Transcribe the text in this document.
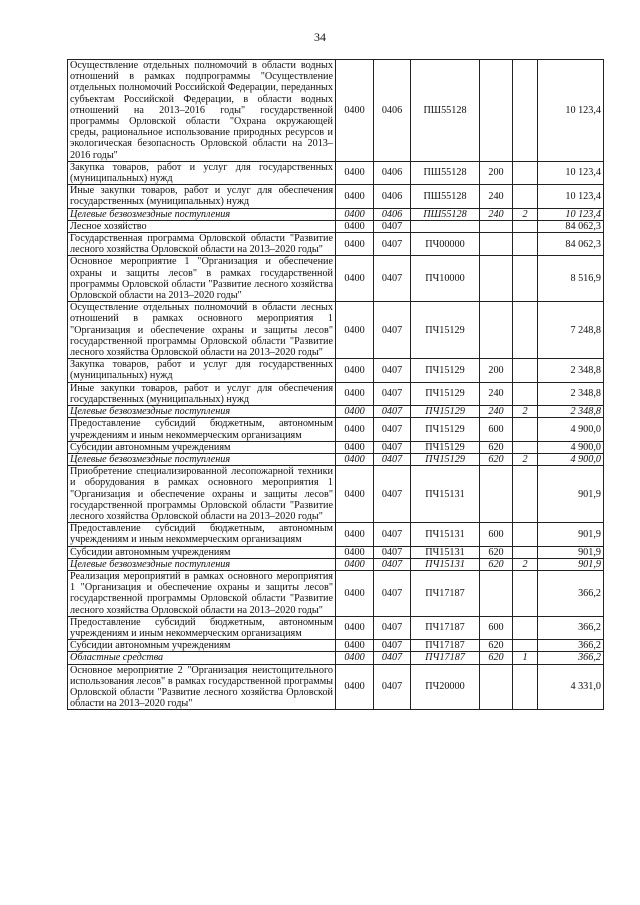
34
Осуществление отдельных полномочий в области водных отношений в рамках подпрограммы "Осуществление отдельных полномочий Российской Федерации, переданных субъектам Российской Федерации, в области водных отношений на 2013–2016 годы" государственной программы Орловской области "Охрана окружающей среды, рациональное использование природных ресурсов и экологическая безопасность Орловской области на 2013–2016 годы"	0400	0406	ПШ55128			10 123,4
Закупка товаров, работ и услуг для государственных (муниципальных) нужд	0400	0406	ПШ55128	200		10 123,4
Иные закупки товаров, работ и услуг для обеспечения государственных (муниципальных) нужд	0400	0406	ПШ55128	240		10 123,4
Целевые безвозмездные поступления	0400	0406	ПШ55128	240	2	10 123,4
Лесное хозяйство	0400	0407				84 062,3
Государственная программа Орловской области "Развитие лесного хозяйства Орловской области на 2013–2020 годы"	0400	0407	ПЧ00000			84 062,3
Основное мероприятие 1 "Организация и обеспечение охраны и защиты лесов" в рамках государственной программы Орловской области "Развитие лесного хозяйства Орловской области на 2013–2020 годы"	0400	0407	ПЧ10000			8 516,9
Осуществление отдельных полномочий в области лесных отношений в рамках основного мероприятия 1 "Организация и обеспечение охраны и защиты лесов" государственной программы Орловской области "Развитие лесного хозяйства Орловской области на 2013–2020 годы"	0400	0407	ПЧ15129			7 248,8
Закупка товаров, работ и услуг для государственных (муниципальных) нужд	0400	0407	ПЧ15129	200		2 348,8
Иные закупки товаров, работ и услуг для обеспечения государственных (муниципальных) нужд	0400	0407	ПЧ15129	240		2 348,8
Целевые безвозмездные поступления	0400	0407	ПЧ15129	240	2	2 348,8
Предоставление субсидий бюджетным, автономным учреждениям и иным некоммерческим организациям	0400	0407	ПЧ15129	600		4 900,0
Субсидии автономным учреждениям	0400	0407	ПЧ15129	620		4 900,0
Целевые безвозмездные поступления	0400	0407	ПЧ15129	620	2	4 900,0
Приобретение специализированной лесопожарной техники и оборудования в рамках основного мероприятия 1 "Организация и обеспечение охраны и защиты лесов" государственной программы Орловской области "Развитие лесного хозяйства Орловской области на 2013–2020 годы"	0400	0407	ПЧ15131			901,9
Предоставление субсидий бюджетным, автономным учреждениям и иным некоммерческим организациям	0400	0407	ПЧ15131	600		901,9
Субсидии автономным учреждениям	0400	0407	ПЧ15131	620		901,9
Целевые безвозмездные поступления	0400	0407	ПЧ15131	620	2	901,9
Реализация мероприятий в рамках основного мероприятия 1 "Организация и обеспечение охраны и защиты лесов" государственной программы Орловской области "Развитие лесного хозяйства Орловской области на 2013–2020 годы"	0400	0407	ПЧ17187			366,2
Предоставление субсидий бюджетным, автономным учреждениям и иным некоммерческим организациям	0400	0407	ПЧ17187	600		366,2
Субсидии автономным учреждениям	0400	0407	ПЧ17187	620		366,2
Областные средства	0400	0407	ПЧ17187	620	1	366,2
Основное мероприятие 2 "Организация неистощительного использования лесов" в рамках государственной программы Орловской области "Развитие лесного хозяйства Орловской области на 2013–2020 годы"	0400	0407	ПЧ20000			4 331,0
